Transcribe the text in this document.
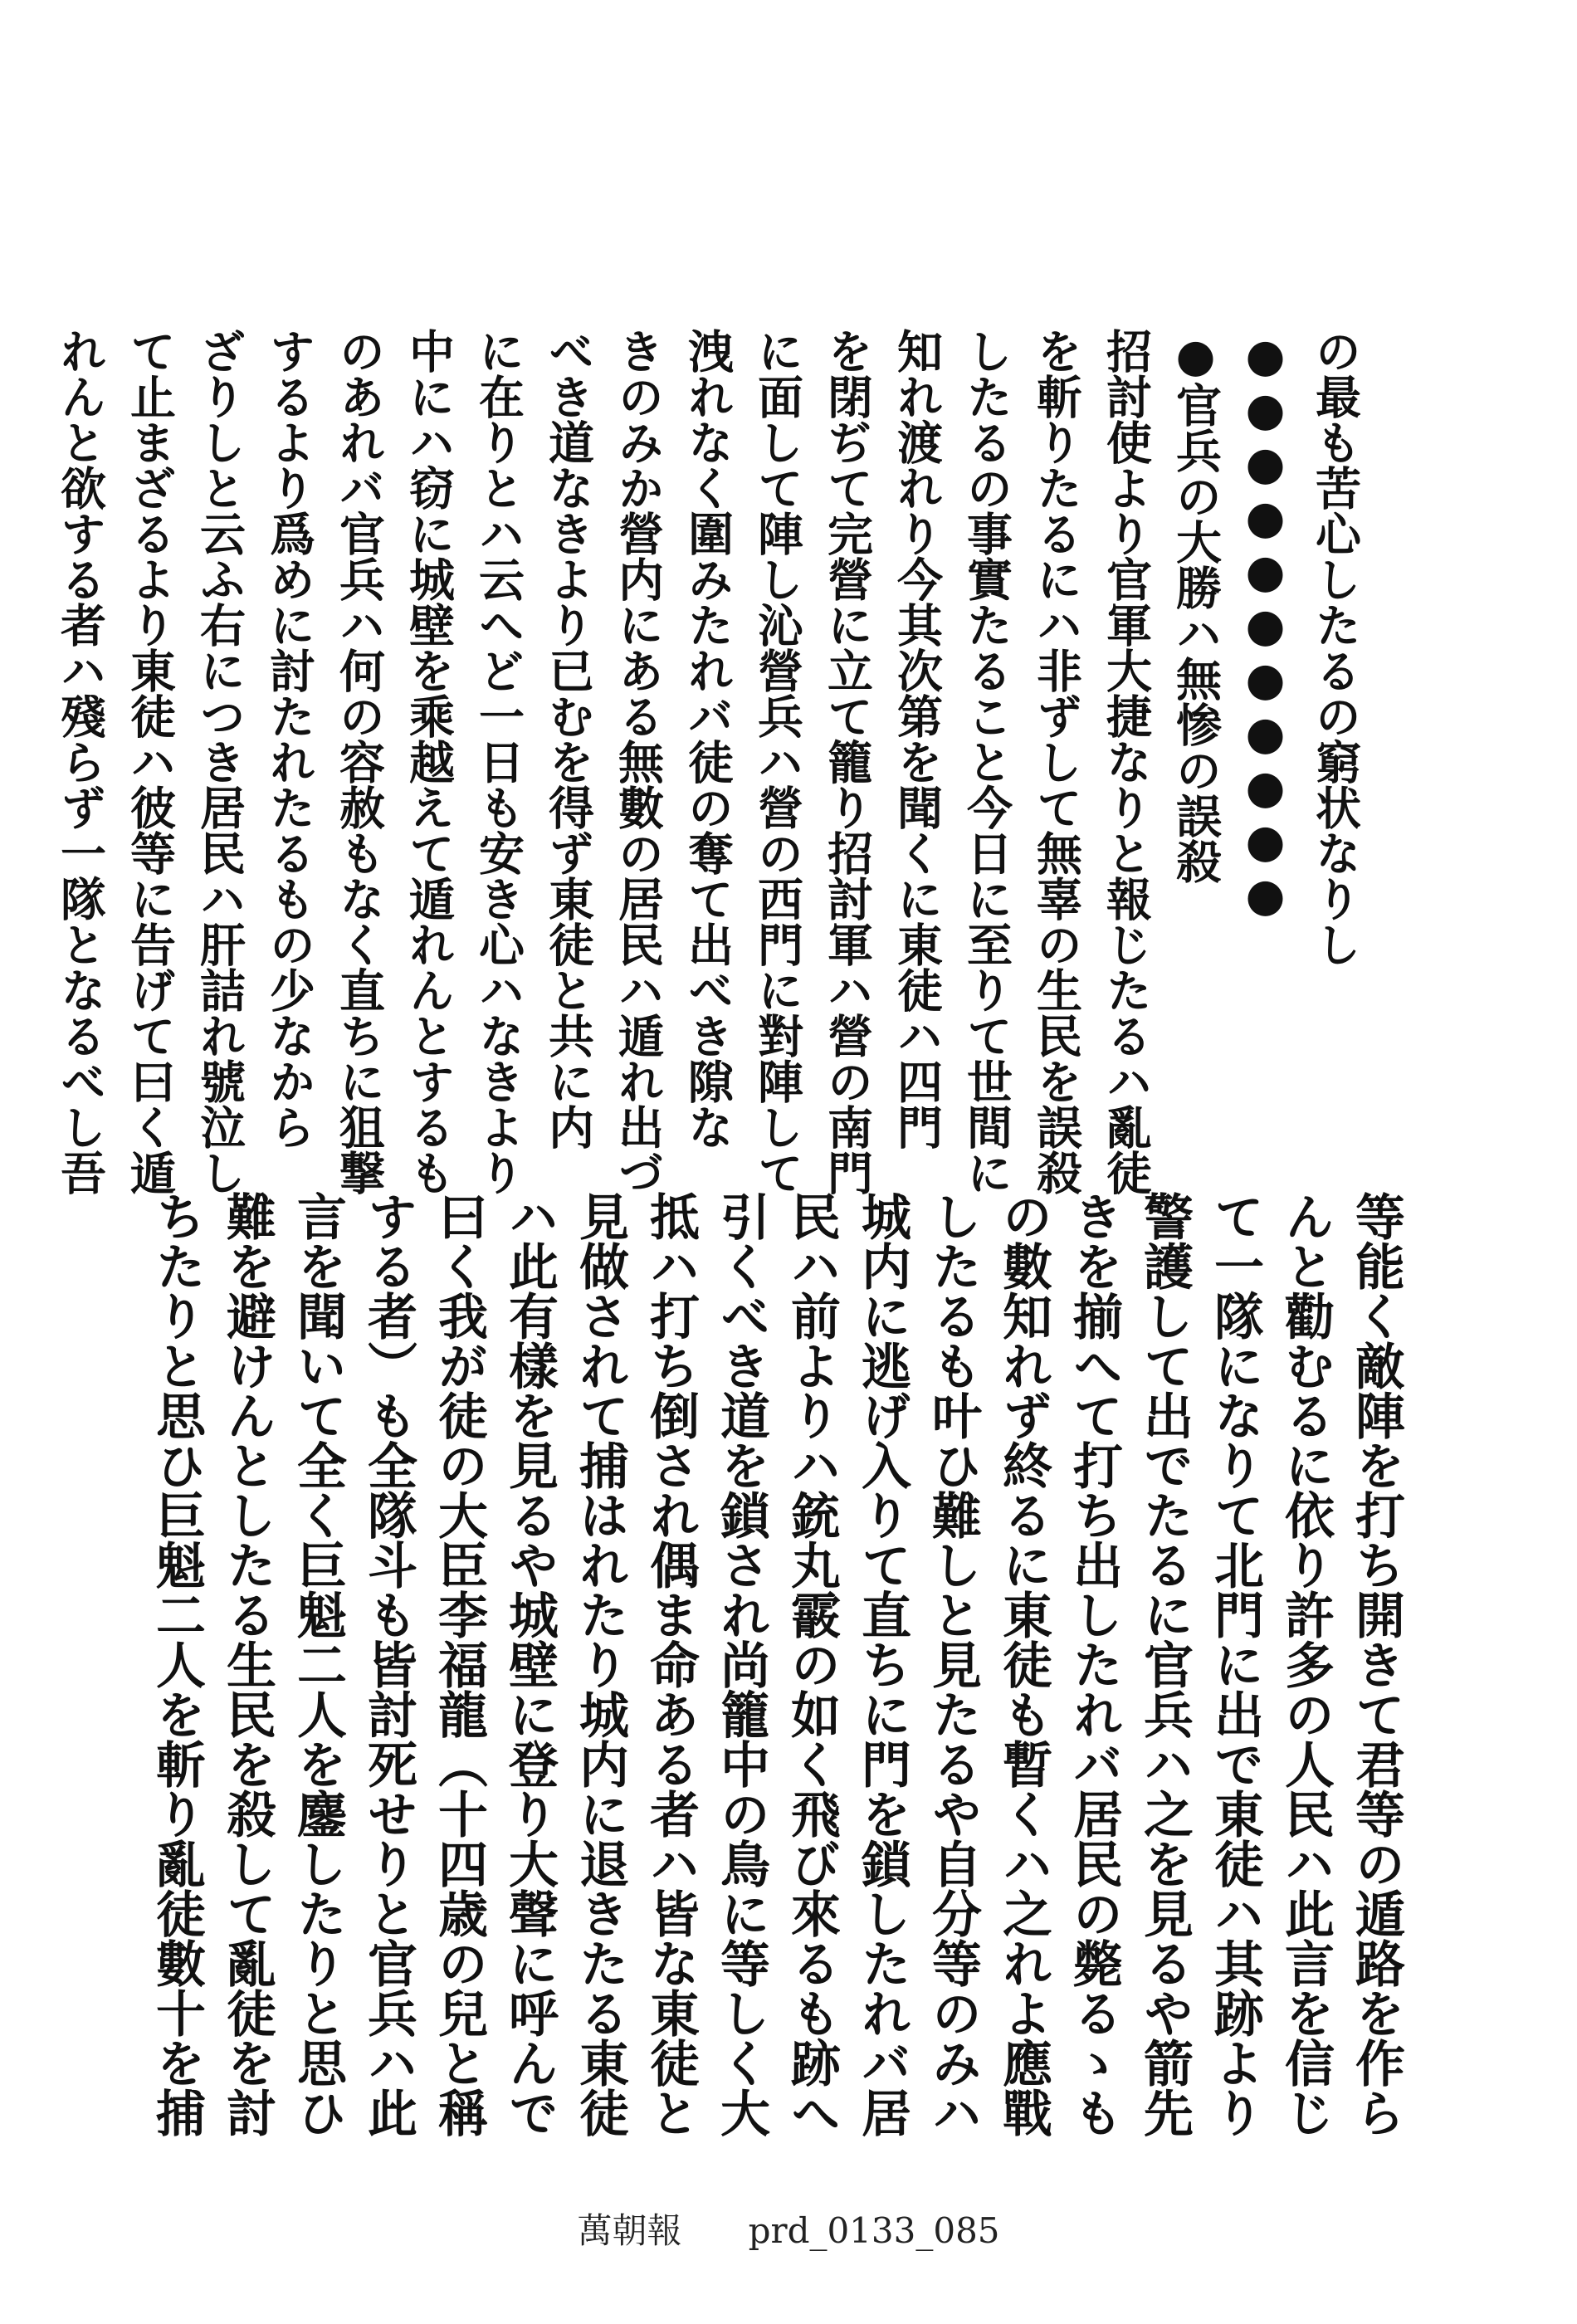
の最も苦心したるの窮状なりし

●●●●●●●●●●●

●官兵の大勝ハ無惨の誤殺

招討使より官軍大捷なりと報じたるハ亂徒

を斬りたるにハ非ずして無辜の生民を誤殺

したるの事實たること今日に至りて世間に

知れ渡れり今其次第を聞くに東徒ハ四門

を閉ぢて完營に立て籠り招討軍ハ營の南門

に面して陣し沁營兵ハ營の西門に對陣して

洩れなく圍みたれバ徒の奪て出べき隙な

きのみか營内にある無數の居民ハ遁れ出づ

べき道なきより已むを得ず東徒と共に内

に在りとハ云へど一日も安き心ハなきより

中にハ窃に城壁を乘越えて遁れんとするも

のあれバ官兵ハ何の容赦もなく直ちに狙撃

するより爲めに討たれたるもの少なから

ざりしと云ふ右につき居民ハ肝詰れ號泣し

て止まざるより東徒ハ彼等に告げて曰く遁

れんと欲する者ハ殘らず一隊となるべし吾

等能く敵陣を打ち開きて君等の遁路を作ら

んと勸むるに依り許多の人民ハ此言を信じ

て一隊になりて北門に出で東徒ハ其跡より

警護して出でたるに官兵ハ之を見るや箭先

きを揃へて打ち出したれバ居民の斃るゝも

の數知れず終るに東徒も暫くハ之れよ應戰

したるも叶ひ難しと見たるや自分等のみハ

城内に逃げ入りて直ちに門を鎖したれバ居

民ハ前よりハ銃丸霰の如く飛び來るも跡へ

引くべき道を鎖され尚籠中の鳥に等しく大

抵ハ打ち倒され偶ま命ある者ハ皆な東徒と

見做されて捕はれたり城内に退きたる東徒

ハ此有樣を見るや城壁に登り大聲に呼んで

曰く我が徒の大臣李福龍（十四歳の兒と稱

する者）も全隊斗も皆討死せりと官兵ハ此

言を聞いて全く巨魁二人を鏖したりと思ひ

難を避けんとしたる生民を殺して亂徒を討

ちたりと思ひ巨魁二人を斬り亂徒數十を捕

萬朝報 prd_0133_085
